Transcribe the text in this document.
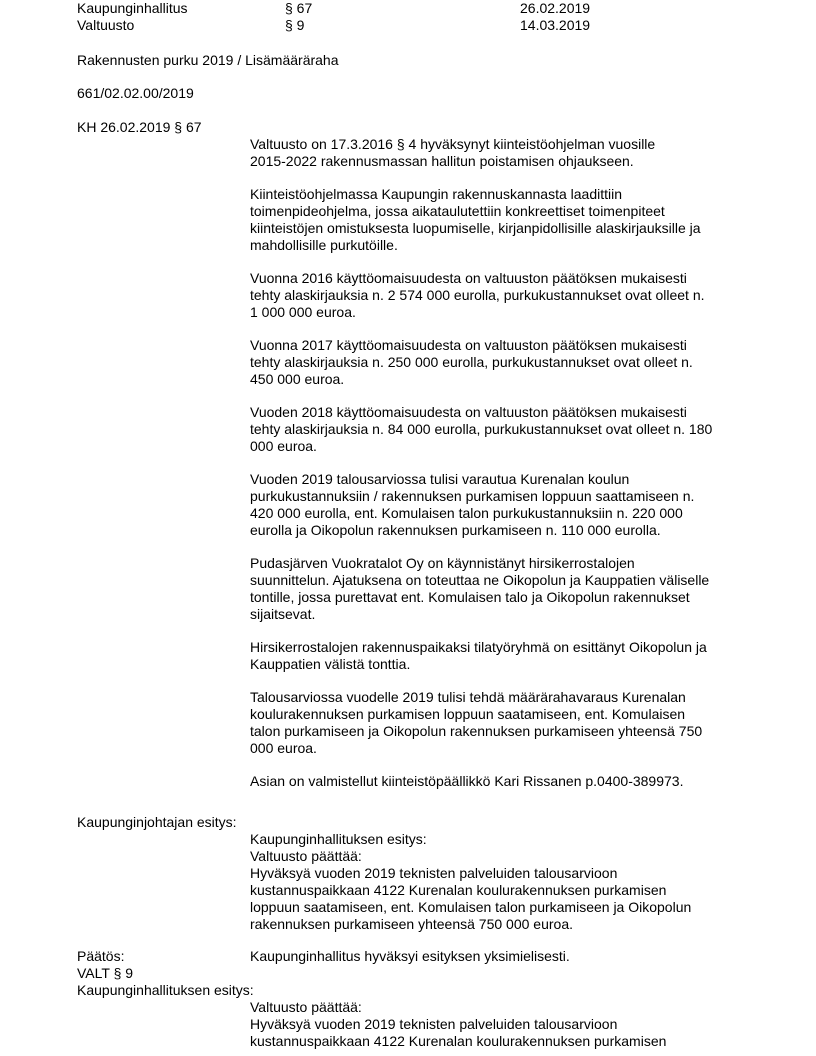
Kaupunginhallitus	§ 67	26.02.2019
Valtuusto	§ 9	14.03.2019
Rakennusten purku 2019 / Lisämääräraha
661/02.02.00/2019
KH 26.02.2019 § 67

Valtuusto on 17.3.2016 § 4 hyväksynyt kiinteistöohjelman vuosille
2015-2022 rakennusmassan hallitun poistamisen ohjaukseen.

Kiinteistöohjelmassa Kaupungin rakennuskannasta laadittiin
toimenpideohjelma, jossa aikataulutettiin konkreettiset toimenpiteet
kiinteistöjen omistuksesta luopumiselle, kirjanpidollisille alaskirjauksille ja
mahdollisille purkutöille.

Vuonna 2016 käyttöomaisuudesta on valtuuston päätöksen mukaisesti
tehty alaskirjauksia n. 2 574 000 eurolla, purkukustannukset ovat olleet n.
1 000 000 euroa.

Vuonna 2017 käyttöomaisuudesta on valtuuston päätöksen mukaisesti
tehty alaskirjauksia n. 250 000 eurolla, purkukustannukset ovat olleet n.
450 000 euroa.

Vuoden 2018 käyttöomaisuudesta on valtuuston päätöksen mukaisesti
tehty alaskirjauksia n. 84 000 eurolla, purkukustannukset ovat olleet n. 180
000 euroa.

Vuoden 2019 talousarviossa tulisi varautua Kurenalan koulun
purkukustannuksiin / rakennuksen purkamisen loppuun saattamiseen n.
420 000 eurolla, ent. Komulaisen talon purkukustannuksiin n. 220 000
eurolla ja Oikopolun rakennuksen purkamiseen n. 110 000 eurolla.

Pudasjärven Vuokratalot Oy on käynnistänyt hirsikerrostalojen
suunnittelun. Ajatuksena on toteuttaa ne Oikopolun ja Kauppatien väliselle
tontille, jossa purettavat ent. Komulaisen talo ja Oikopolun rakennukset
sijaitsevat.

Hirsikerrostalojen rakennuspaikaksi tilatyöryhmä on esittänyt Oikopolun ja
Kauppatien välistä tonttia.

Talousarviossa vuodelle 2019 tulisi tehdä määrärahavaraus Kurenalan
koulurakennuksen purkamisen loppuun saatamiseen, ent. Komulaisen
talon purkamiseen ja Oikopolun rakennuksen purkamiseen yhteensä 750
000 euroa.

Asian on valmistellut kiinteistöpäällikkö Kari Rissanen p.0400-389973.

Kaupunginjohtajan esitys:
Kaupunginhallituksen esitys:
Valtuusto päättää:
Hyväksyä vuoden 2019 teknisten palveluiden talousarvioon
kustannuspaikkaan 4122 Kurenalan koulurakennuksen purkamisen
loppuun saatamiseen, ent. Komulaisen talon purkamiseen ja Oikopolun
rakennuksen purkamiseen yhteensä 750 000 euroa.
Päätös:	Kaupunginhallitus hyväksyi esityksen yksimielisesti.
VALT § 9
Kaupunginhallituksen esitys:
Valtuusto päättää:
Hyväksyä vuoden 2019 teknisten palveluiden talousarvioon
kustannuspaikkaan 4122 Kurenalan koulurakennuksen purkamisen
